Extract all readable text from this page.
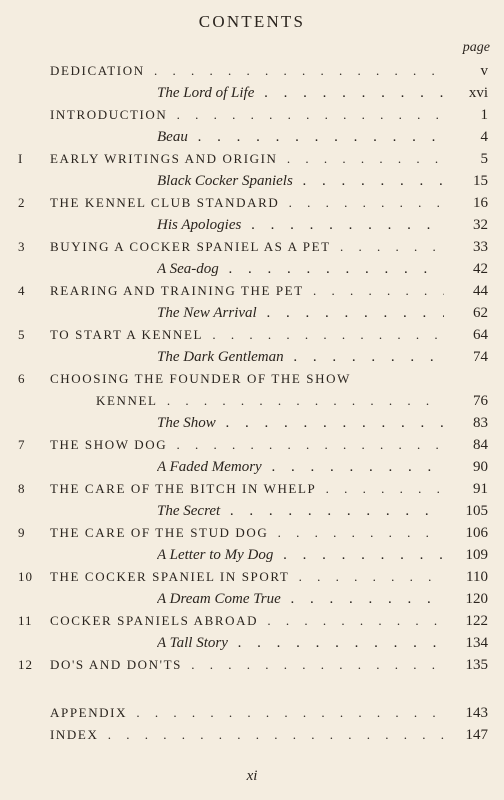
CONTENTS
page
DEDICATION . .	v
The Lord of Life . .	xvi
INTRODUCTION . .	1
Beau . .	4
I	EARLY WRITINGS AND ORIGIN . .	5
Black Cocker Spaniels . .	15
2	THE KENNEL CLUB STANDARD . .	16
His Apologies . .	32
3	BUYING A COCKER SPANIEL AS A PET . .	33
A Sea-dog . .	42
4	REARING AND TRAINING THE PET . .	44
The New Arrival . .	62
5	TO START A KENNEL . .	64
The Dark Gentleman . .	74
6	CHOOSING THE FOUNDER OF THE SHOW
KENNEL . .	76
The Show . .	83
7	THE SHOW DOG . .	84
A Faded Memory . .	90
8	THE CARE OF THE BITCH IN WHELP . .	91
The Secret . .	105
9	THE CARE OF THE STUD DOG . .	106
A Letter to My Dog . .	109
10	THE COCKER SPANIEL IN SPORT . .	110
A Dream Come True . .	120
11	COCKER SPANIELS ABROAD . .	122
A Tall Story . .	134
12	DO'S AND DON'TS . .	135
APPENDIX . .	143
INDEX . .	147
xi
